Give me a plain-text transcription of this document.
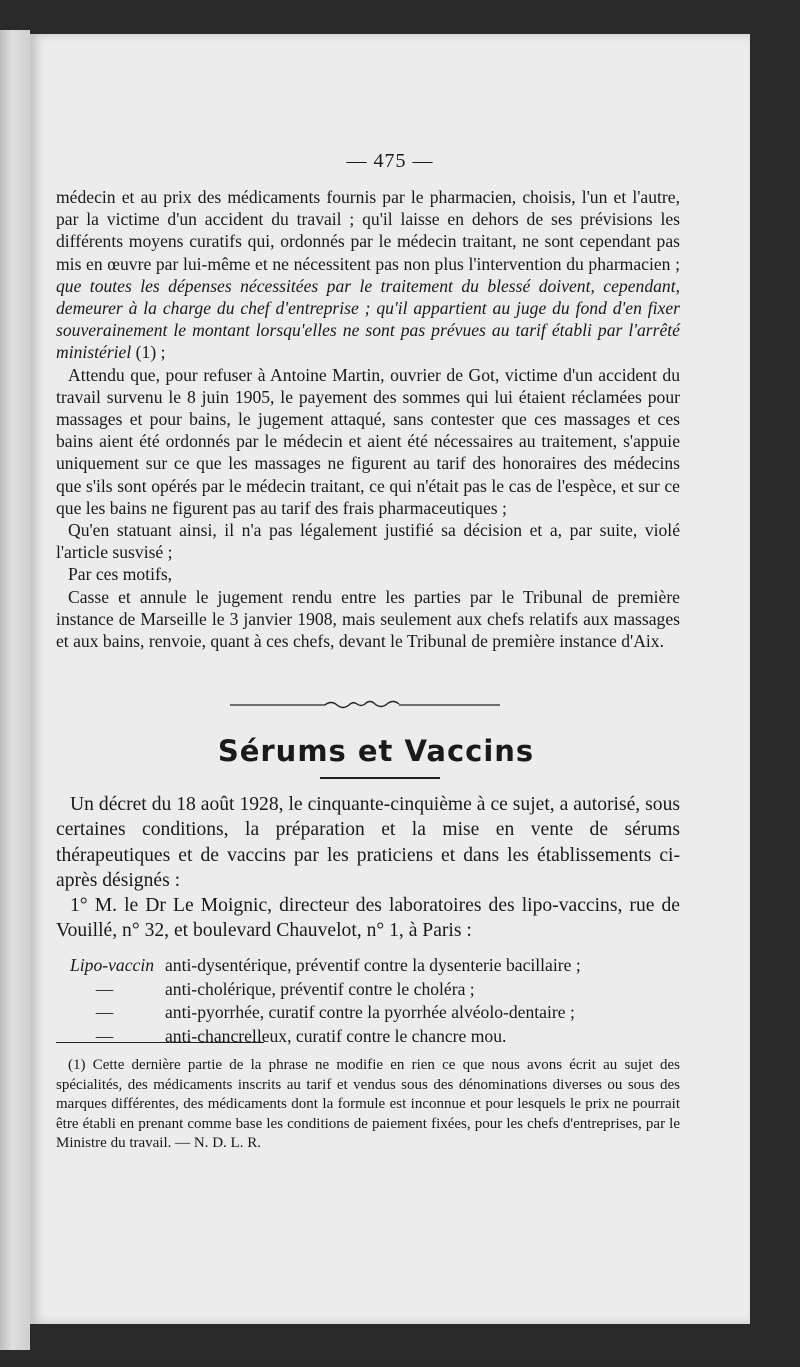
— 475 —

médecin et au prix des médicaments fournis par le pharmacien, choisis, l'un et l'autre, par la victime d'un accident du travail ; qu'il laisse en dehors de ses prévisions les différents moyens curatifs qui, ordonnés par le médecin traitant, ne sont cependant pas mis en œuvre par lui-même et ne nécessitent pas non plus l'intervention du pharmacien ; que toutes les dépenses nécessitées par le traitement du blessé doivent, cependant, demeurer à la charge du chef d'entreprise ; qu'il appartient au juge du fond d'en fixer souverainement le montant lorsqu'elles ne sont pas prévues au tarif établi par l'arrêté ministériel (1) ;

Attendu que, pour refuser à Antoine Martin, ouvrier de Got, victime d'un accident du travail survenu le 8 juin 1905, le payement des sommes qui lui étaient réclamées pour massages et pour bains, le jugement attaqué, sans contester que ces massages et ces bains aient été ordonnés par le médecin et aient été nécessaires au traitement, s'appuie uniquement sur ce que les massages ne figurent au tarif des honoraires des médecins que s'ils sont opérés par le médecin traitant, ce qui n'était pas le cas de l'espèce, et sur ce que les bains ne figurent pas au tarif des frais pharmaceutiques ;

Qu'en statuant ainsi, il n'a pas légalement justifié sa décision et a, par suite, violé l'article susvisé ;

Par ces motifs,

Casse et annule le jugement rendu entre les parties par le Tribunal de première instance de Marseille le 3 janvier 1908, mais seulement aux chefs relatifs aux massages et aux bains, renvoie, quant à ces chefs, devant le Tribunal de première instance d'Aix.

Sérums et Vaccins

Un décret du 18 août 1928, le cinquante-cinquième à ce sujet, a autorisé, sous certaines conditions, la préparation et la mise en vente de sérums thérapeutiques et de vaccins par les praticiens et dans les établissements ci-après désignés :

1° M. le Dr Le Moignic, directeur des laboratoires des lipo-vaccins, rue de Vouillé, n° 32, et boulevard Chauvelot, n° 1, à Paris :

Lipo-vaccin anti-dysentérique, préventif contre la dysenterie bacillaire ;
—	anti-cholérique, préventif contre le choléra ;
—	anti-pyorrhée, curatif contre la pyorrhée alvéolo-dentaire ;
—	anti-chancrelleux, curatif contre le chancre mou.

(1) Cette dernière partie de la phrase ne modifie en rien ce que nous avons écrit au sujet des spécialités, des médicaments inscrits au tarif et vendus sous des dénominations diverses ou sous des marques différentes, des médicaments dont la formule est inconnue et pour lesquels le prix ne pourrait être établi en prenant comme base les conditions de paiement fixées, pour les chefs d'entreprises, par le Ministre du travail. — N. D. L. R.
